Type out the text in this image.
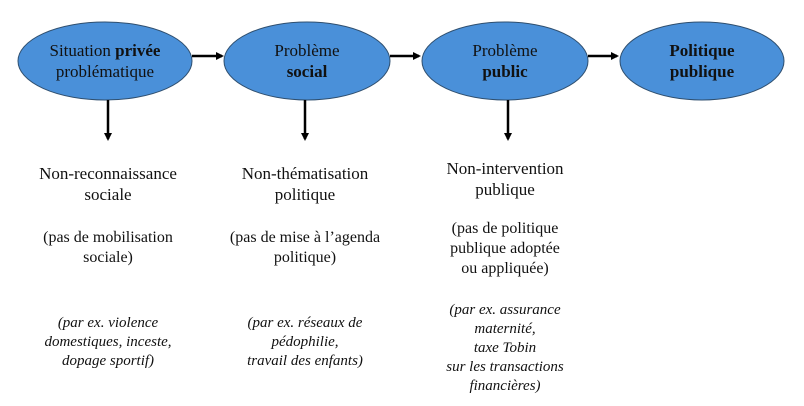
Situation privée
problématique
Problème
social
Problème
public
Politique
publique
Non-reconnaissance
sociale
(pas de mobilisation
sociale)
(par ex. violence
domestiques, inceste,
dopage sportif)
Non-thématisation
politique
(pas de mise à l’agenda
politique)
(par ex. réseaux de
pédophilie,
travail des enfants)
Non-intervention
publique
(pas de politique
publique adoptée
ou appliquée)
(par ex. assurance
maternité,
taxe Tobin
sur les transactions
financières)
